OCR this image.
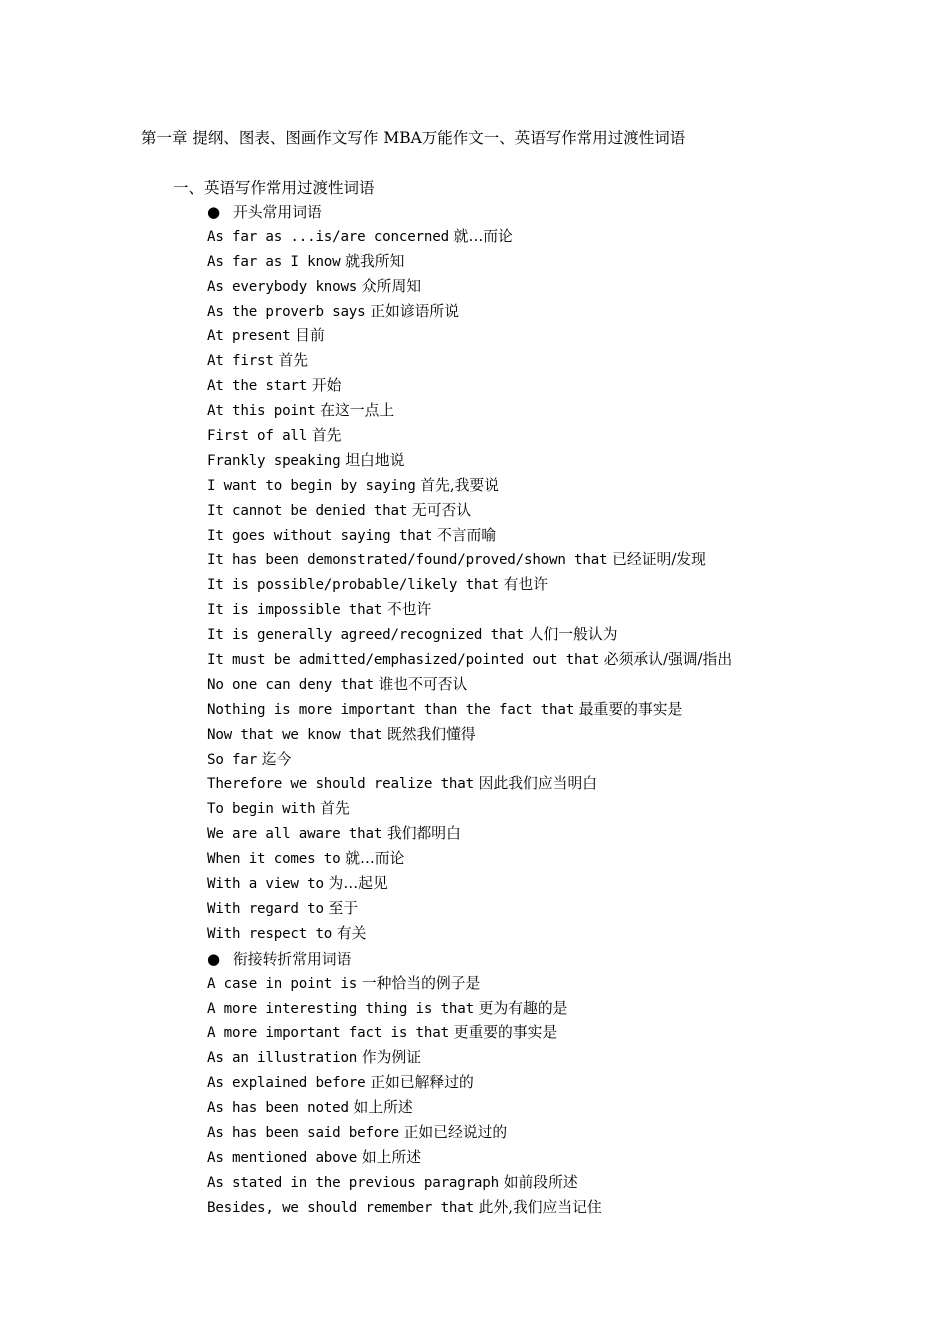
第一章 提纲、图表、图画作文写作 MBA万能作文一、英语写作常用过渡性词语
一、英语写作常用过渡性词语
● 开头常用词语
As far as ...is/are concerned 就…而论
As far as I know 就我所知
As everybody knows 众所周知
As the proverb says 正如谚语所说
At present 目前
At first 首先
At the start 开始
At this point 在这一点上
First of all 首先
Frankly speaking 坦白地说
I want to begin by saying 首先,我要说
It cannot be denied that 无可否认
It goes without saying that 不言而喻
It has been demonstrated/found/proved/shown that 已经证明/发现
It is possible/probable/likely that 有也许
It is impossible that 不也许
It is generally agreed/recognized that 人们一般认为
It must be admitted/emphasized/pointed out that 必须承认/强调/指出
No one can deny that 谁也不可否认
Nothing is more important than the fact that 最重要的事实是
Now that we know that 既然我们懂得
So far 迄今
Therefore we should realize that 因此我们应当明白
To begin with 首先
We are all aware that 我们都明白
When it comes to 就…而论
With a view to 为…起见
With regard to 至于
With respect to 有关
● 衔接转折常用词语
A case in point is 一种恰当的例子是
A more interesting thing is that 更为有趣的是
A more important fact is that 更重要的事实是
As an illustration 作为例证
As explained before 正如已解释过的
As has been noted 如上所述
As has been said before 正如已经说过的
As mentioned above 如上所述
As stated in the previous paragraph 如前段所述
Besides, we should remember that 此外,我们应当记住
